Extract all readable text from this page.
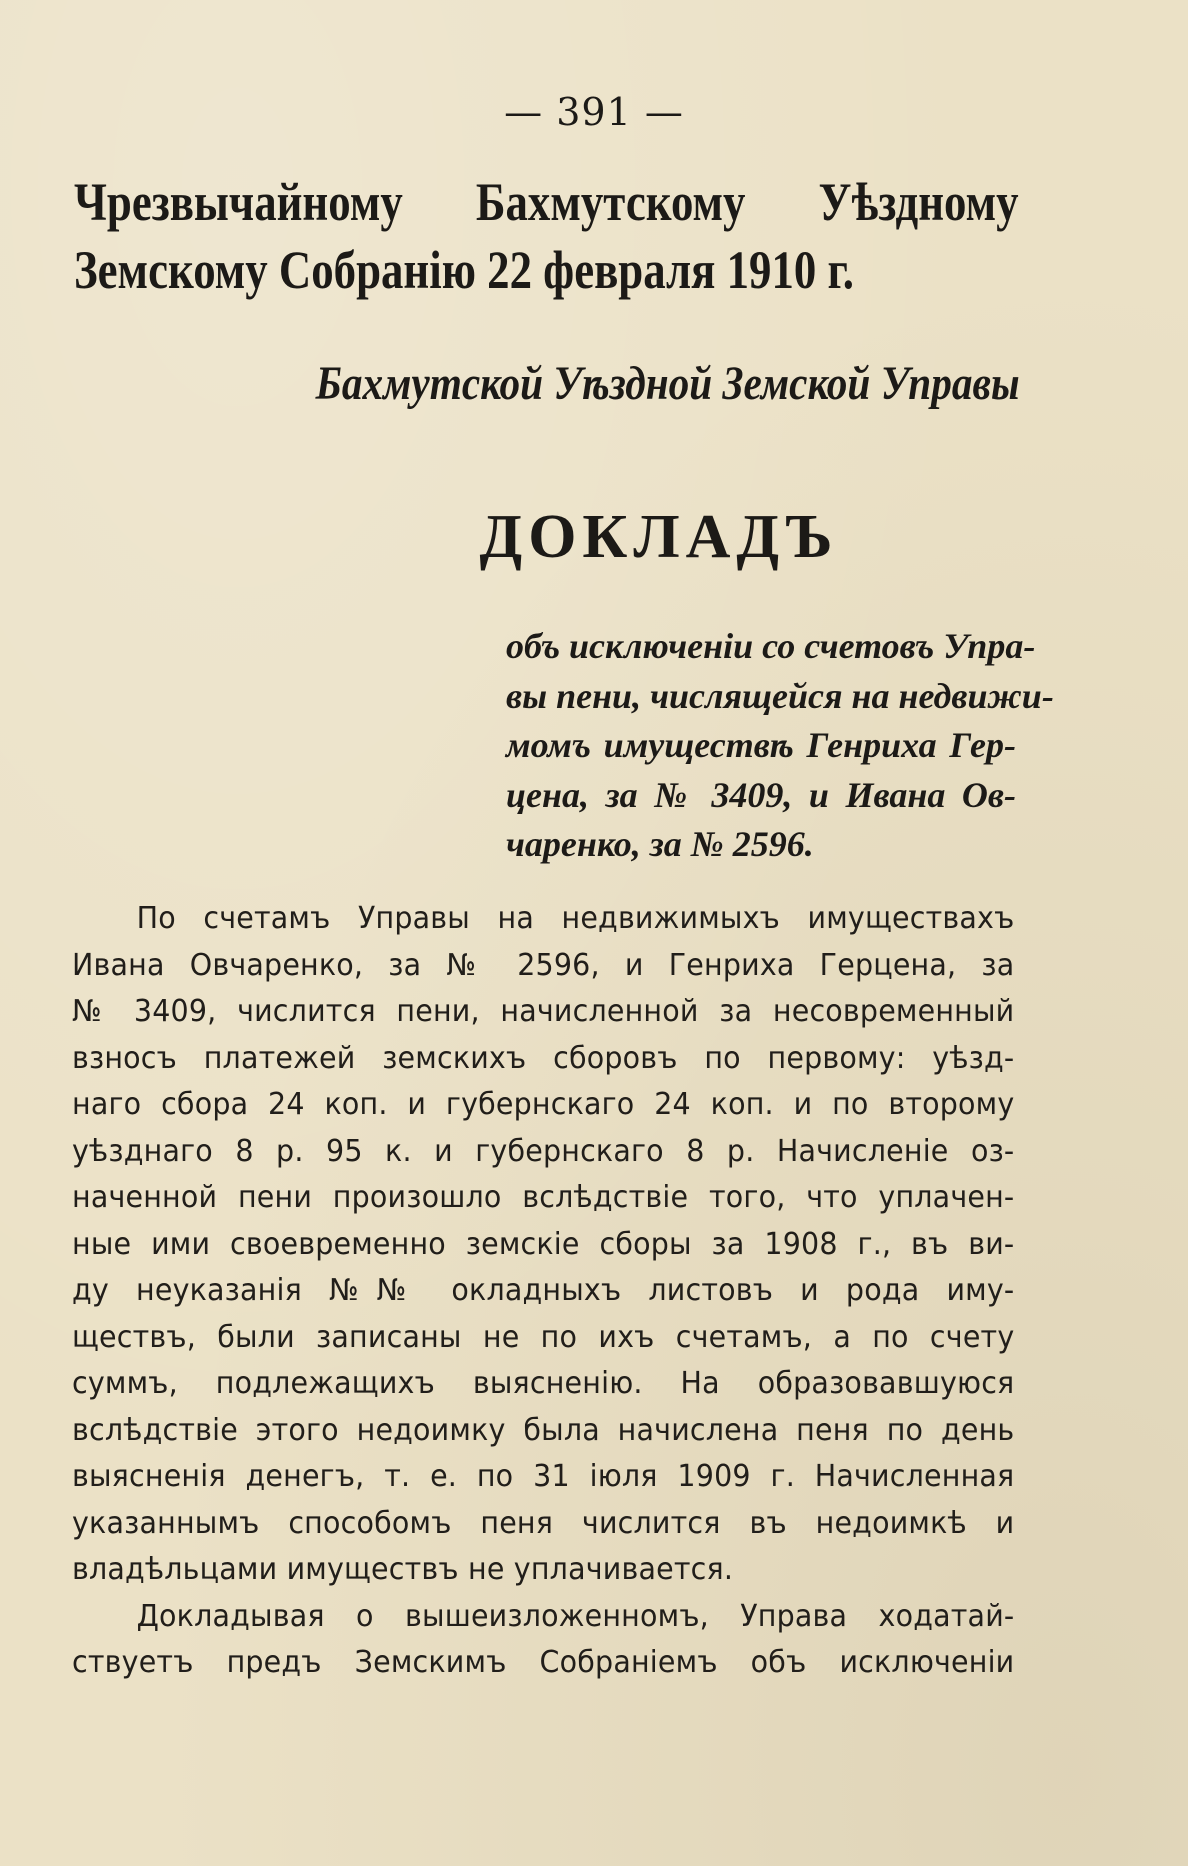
— 391 —
Чрезвычайному Бахмутскому Уѣздному
Земскому Собранію 22 февраля 1910 г.
Бахмутской Уѣздной Земской Управы
ДОКЛАДЪ
объ исключеніи со счетовъ Упра-
вы пени, числящейся на недвижи-
момъ имуществѣ Генриха Гер-
цена, за № 3409, и Ивана Ов-
чаренко, за № 2596.
По счетамъ Управы на недвижимыхъ имуществахъ
Ивана Овчаренко, за № 2596, и Генриха Герцена, за
№ 3409, числится пени, начисленной за несовременный
взносъ платежей земскихъ сборовъ по первому: уѣзд-
наго сбора 24 коп. и губернскаго 24 коп. и по второму
уѣзднаго 8 р. 95 к. и губернскаго 8 р. Начисленіе оз-
наченной пени произошло вслѣдствіе того, что уплачен-
ные ими своевременно земскіе сборы за 1908 г., въ ви-
ду неуказанія №№ окладныхъ листовъ и рода иму-
ществъ, были записаны не по ихъ счетамъ, а по счету
суммъ, подлежащихъ выясненію. На образовавшуюся
вслѣдствіе этого недоимку была начислена пеня по день
выясненія денегъ, т. е. по 31 іюля 1909 г. Начисленная
указаннымъ способомъ пеня числится въ недоимкѣ и
владѣльцами имуществъ не уплачивается.
Докладывая о вышеизложенномъ, Управа ходатай-
ствуетъ предъ Земскимъ Собраніемъ объ исключеніи
